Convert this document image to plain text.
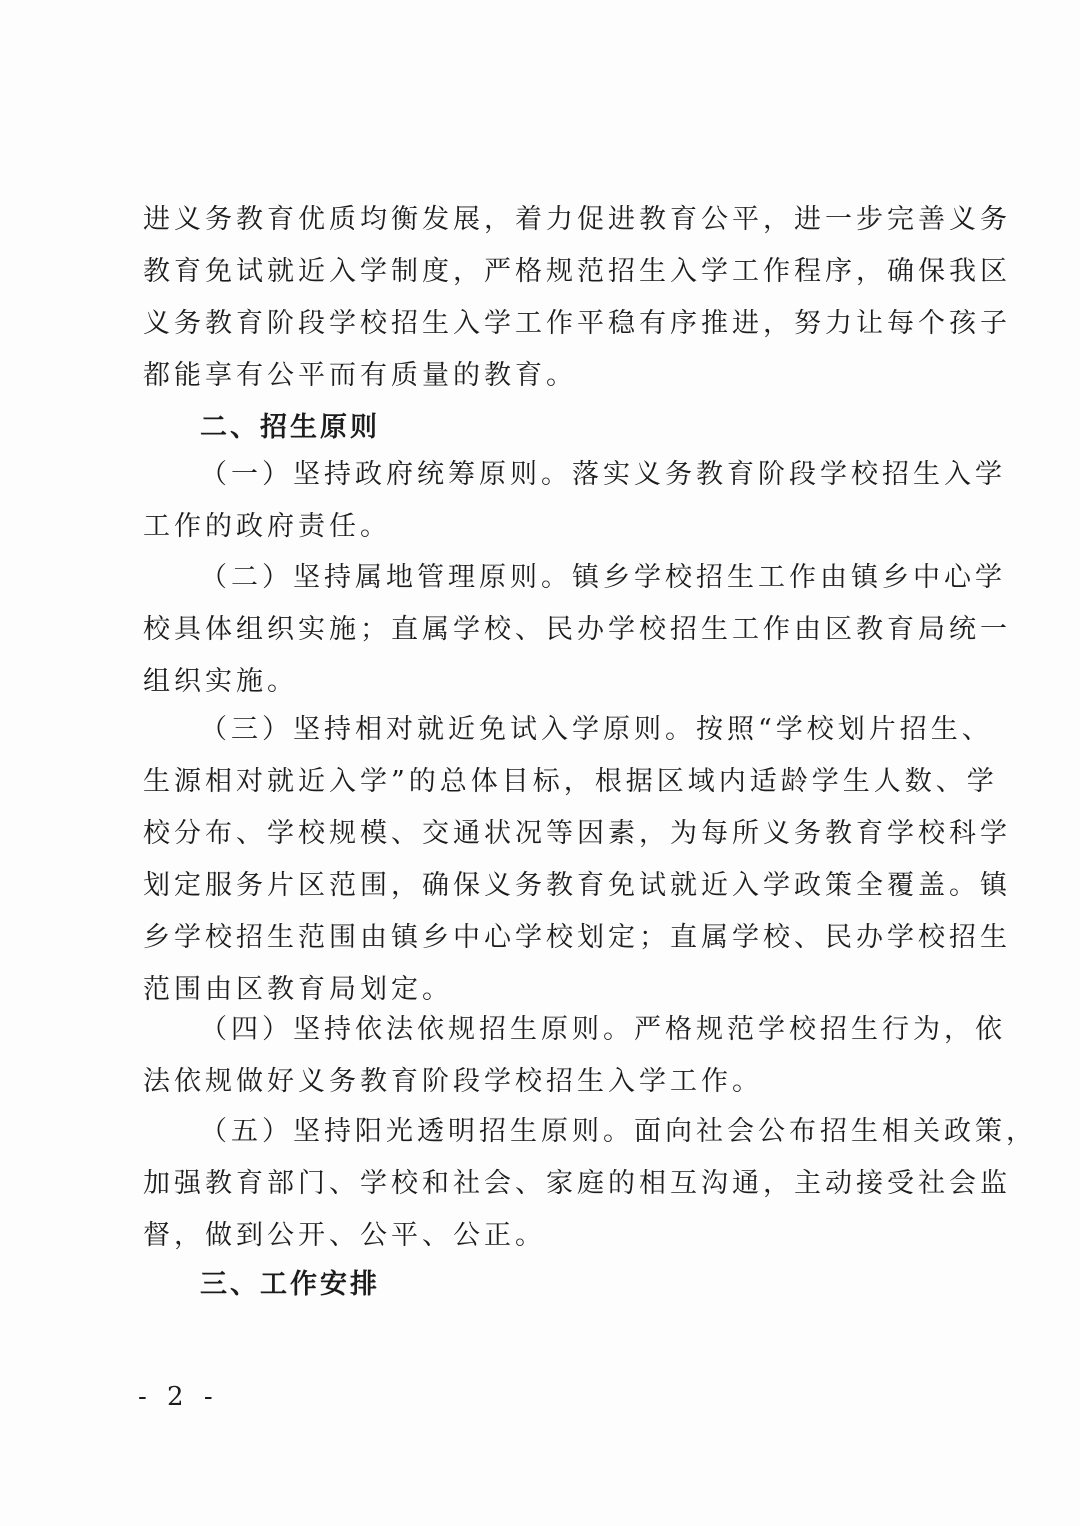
进义务教育优质均衡发展，着力促进教育公平，进一步完善义务
教育免试就近入学制度，严格规范招生入学工作程序，确保我区
义务教育阶段学校招生入学工作平稳有序推进，努力让每个孩子
都能享有公平而有质量的教育。
二、招生原则
（一）坚持政府统筹原则。落实义务教育阶段学校招生入学
工作的政府责任。
（二）坚持属地管理原则。镇乡学校招生工作由镇乡中心学
校具体组织实施；直属学校、民办学校招生工作由区教育局统一
组织实施。
（三）坚持相对就近免试入学原则。按照“学校划片招生、
生源相对就近入学”的总体目标，根据区域内适龄学生人数、学
校分布、学校规模、交通状况等因素，为每所义务教育学校科学
划定服务片区范围，确保义务教育免试就近入学政策全覆盖。镇
乡学校招生范围由镇乡中心学校划定；直属学校、民办学校招生
范围由区教育局划定。
（四）坚持依法依规招生原则。严格规范学校招生行为，依
法依规做好义务教育阶段学校招生入学工作。
（五）坚持阳光透明招生原则。面向社会公布招生相关政策，
加强教育部门、学校和社会、家庭的相互沟通，主动接受社会监
督，做到公开、公平、公正。
三、工作安排
- 2 -
